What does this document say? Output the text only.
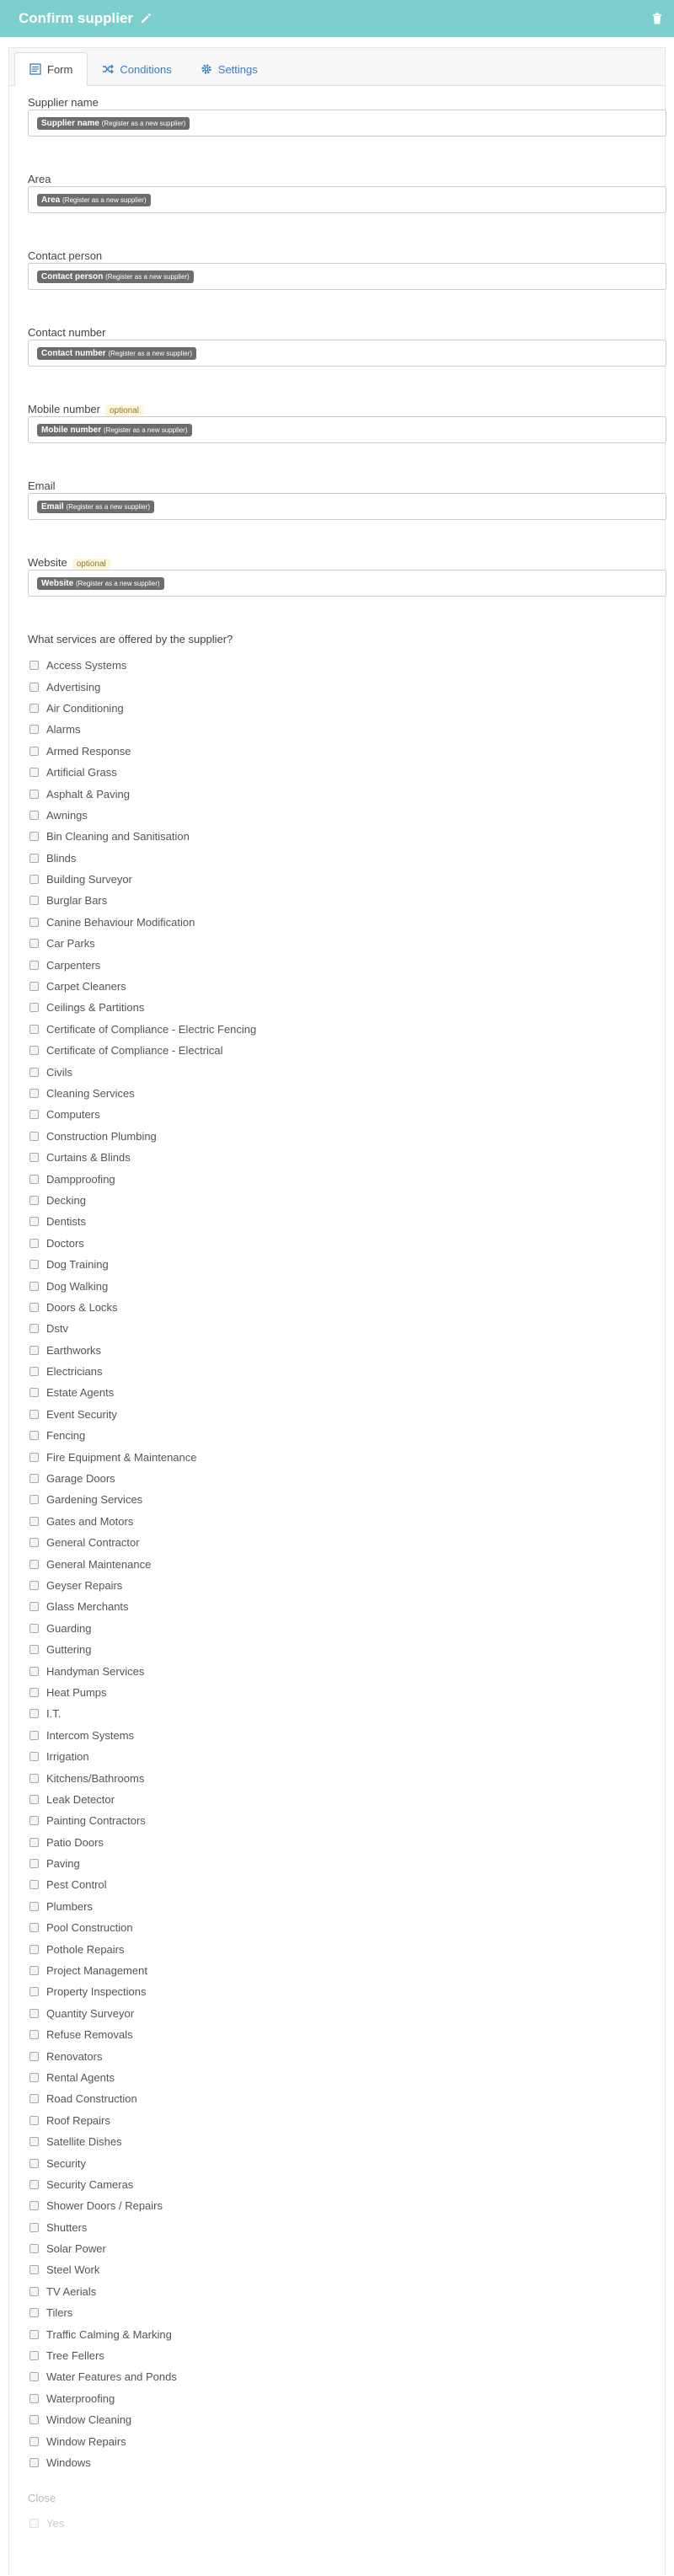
Confirm supplier
Form	Conditions	Settings
Supplier name
Supplier name (Register as a new supplier)
Area
Area (Register as a new supplier)
Contact person
Contact person (Register as a new supplier)
Contact number
Contact number (Register as a new supplier)
Mobile number optional
Mobile number (Register as a new supplier)
Email
Email (Register as a new supplier)
Website optional
Website (Register as a new supplier)
What services are offered by the supplier?
Access Systems
Advertising
Air Conditioning
Alarms
Armed Response
Artificial Grass
Asphalt & Paving
Awnings
Bin Cleaning and Sanitisation
Blinds
Building Surveyor
Burglar Bars
Canine Behaviour Modification
Car Parks
Carpenters
Carpet Cleaners
Ceilings & Partitions
Certificate of Compliance - Electric Fencing
Certificate of Compliance - Electrical
Civils
Cleaning Services
Computers
Construction Plumbing
Curtains & Blinds
Dampproofing
Decking
Dentists
Doctors
Dog Training
Dog Walking
Doors & Locks
Dstv
Earthworks
Electricians
Estate Agents
Event Security
Fencing
Fire Equipment & Maintenance
Garage Doors
Gardening Services
Gates and Motors
General Contractor
General Maintenance
Geyser Repairs
Glass Merchants
Guarding
Guttering
Handyman Services
Heat Pumps
I.T.
Intercom Systems
Irrigation
Kitchens/Bathrooms
Leak Detector
Painting Contractors
Patio Doors
Paving
Pest Control
Plumbers
Pool Construction
Pothole Repairs
Project Management
Property Inspections
Quantity Surveyor
Refuse Removals
Renovators
Rental Agents
Road Construction
Roof Repairs
Satellite Dishes
Security
Security Cameras
Shower Doors / Repairs
Shutters
Solar Power
Steel Work
TV Aerials
Tilers
Traffic Calming & Marking
Tree Fellers
Water Features and Ponds
Waterproofing
Window Cleaning
Window Repairs
Windows
Close
Yes
